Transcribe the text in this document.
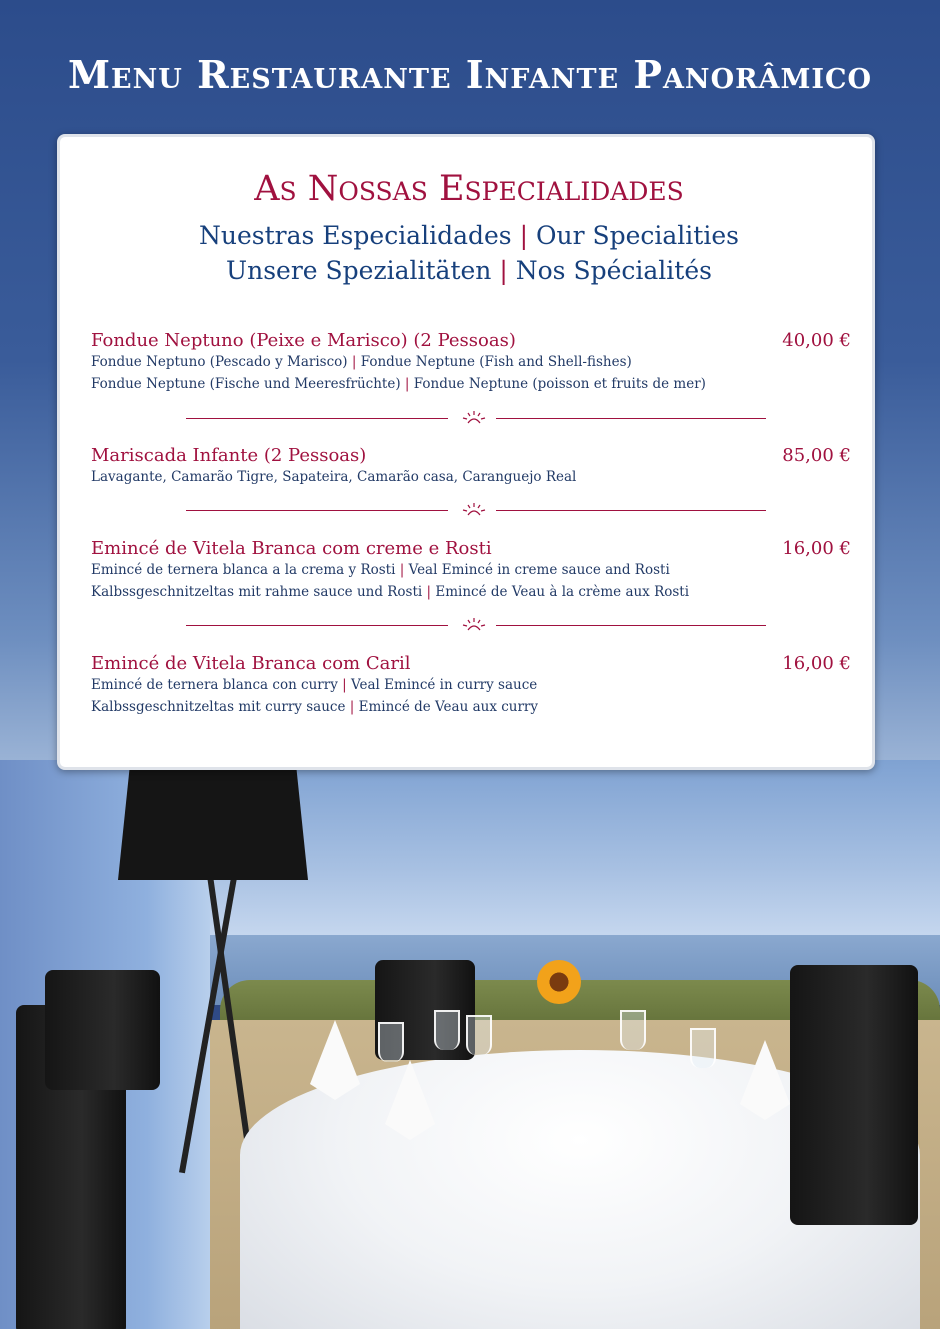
Menu Restaurante Infante Panorâmico
As Nossas Especialidades
Nuestras Especialidades | Our Specialities
Unsere Spezialitäten | Nos Spécialités
Fondue Neptuno (Peixe e Marisco) (2 Pessoas)	40,00 €
Fondue Neptuno (Pescado y Marisco) | Fondue Neptune (Fish and Shell-fishes)
Fondue Neptune (Fische und Meeresfrüchte) | Fondue Neptune (poisson et fruits de mer)
Mariscada Infante (2 Pessoas)	85,00 €
Lavagante, Camarão Tigre, Sapateira, Camarão casa, Caranguejo Real
Emincé de Vitela Branca com creme e Rosti	16,00 €
Emincé de ternera blanca a la crema y Rosti | Veal Emincé in creme sauce and Rosti
Kalbssgeschnitzeltas mit rahme sauce und Rosti | Emincé de Veau à la crème aux Rosti
Emincé de Vitela Branca com Caril	16,00 €
Emincé de ternera blanca con curry | Veal Emincé in curry sauce
Kalbssgeschnitzeltas mit curry sauce | Emincé de Veau aux curry
